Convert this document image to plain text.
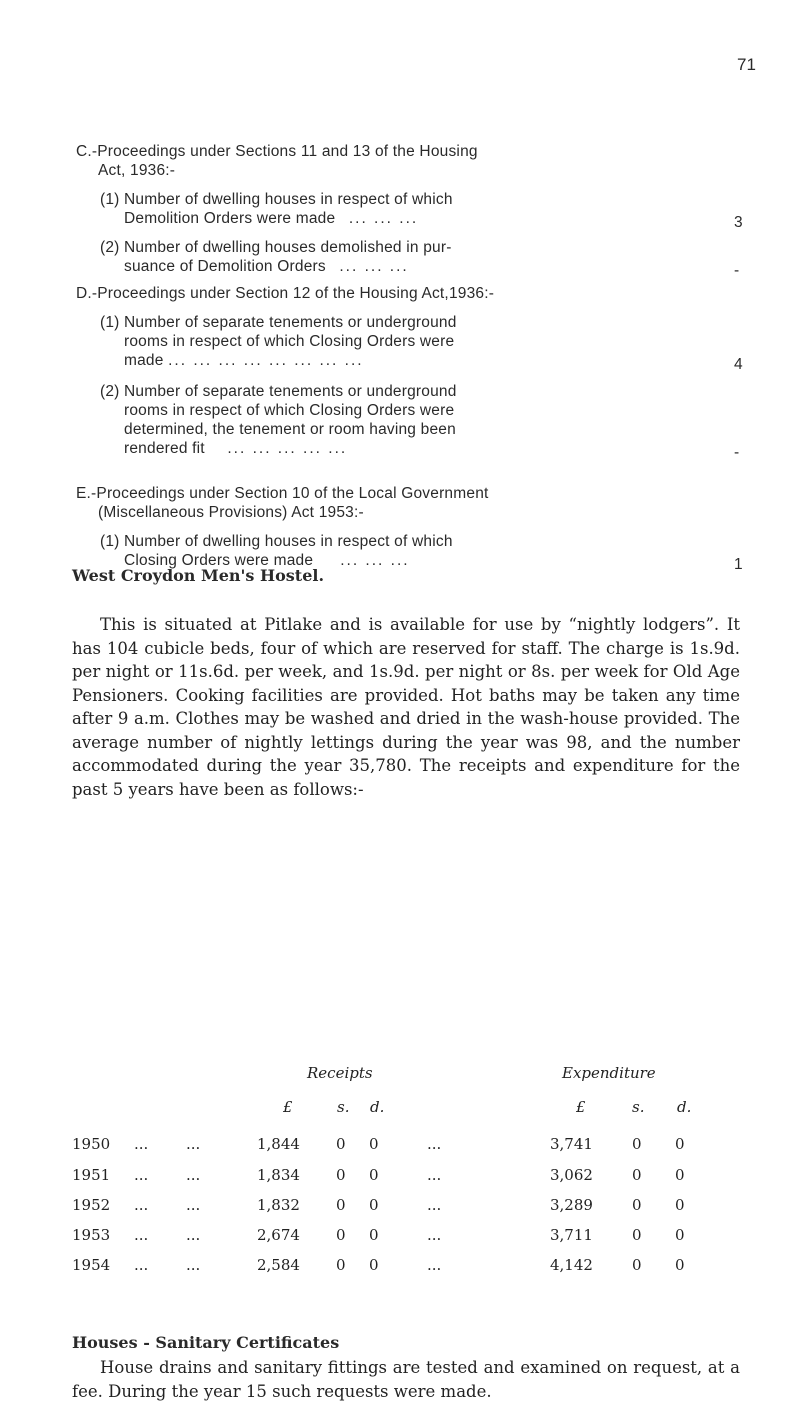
71
C.-Proceedings under Sections 11 and 13 of the Housing
Act, 1936:-
(1) Number of dwelling houses in respect of which
Demolition Orders were made ... ... ...	3
(2) Number of dwelling houses demolished in pur-
suance of Demolition Orders ... ... ...	-
D.-Proceedings under Section 12 of the Housing Act,1936:-
(1) Number of separate tenements or underground
rooms in respect of which Closing Orders were
made ... ... ... ... ... ... ... ...	4
(2) Number of separate tenements or underground
rooms in respect of which Closing Orders were
determined, the tenement or room having been
rendered fit ... ... ... ... ...	-
E.-Proceedings under Section 10 of the Local Government
(Miscellaneous Provisions) Act 1953:-
(1) Number of dwelling houses in respect of which
Closing Orders were made ... ... ...	1
West Croydon Men's Hostel.

This is situated at Pitlake and is available for use by “nightly lodgers”. It has 104 cubicle beds, four of which are reserved for staff. The charge is 1s.9d. per night or 11s.6d. per week, and 1s.9d. per night or 8s. per week for Old Age Pensioners. Cooking facilities are provided. Hot baths may be taken any time after 9 a.m. Clothes may be washed and dried in the wash-house provided. The average number of nightly lettings during the year was 98, and the number accommodated during the year 35,780. The receipts and expenditure for the past 5 years have been as follows:-

Receipts	Expenditure
£	s. d.	£	s. d.
1950 ...	...	1,844 0 0	...	3,741	0 0
1951 ...	...	1,834 0 0	...	3,062	0 0
1952 ...	...	1,832 0 0	...	3,289	0 0
1953 ...	...	2,674 0 0	...	3,711	0 0
1954 ...	...	2,584 0 0	...	4,142	0 0
Houses - Sanitary Certificates

House drains and sanitary fittings are tested and examined on request, at a fee. During the year 15 such requests were made.
